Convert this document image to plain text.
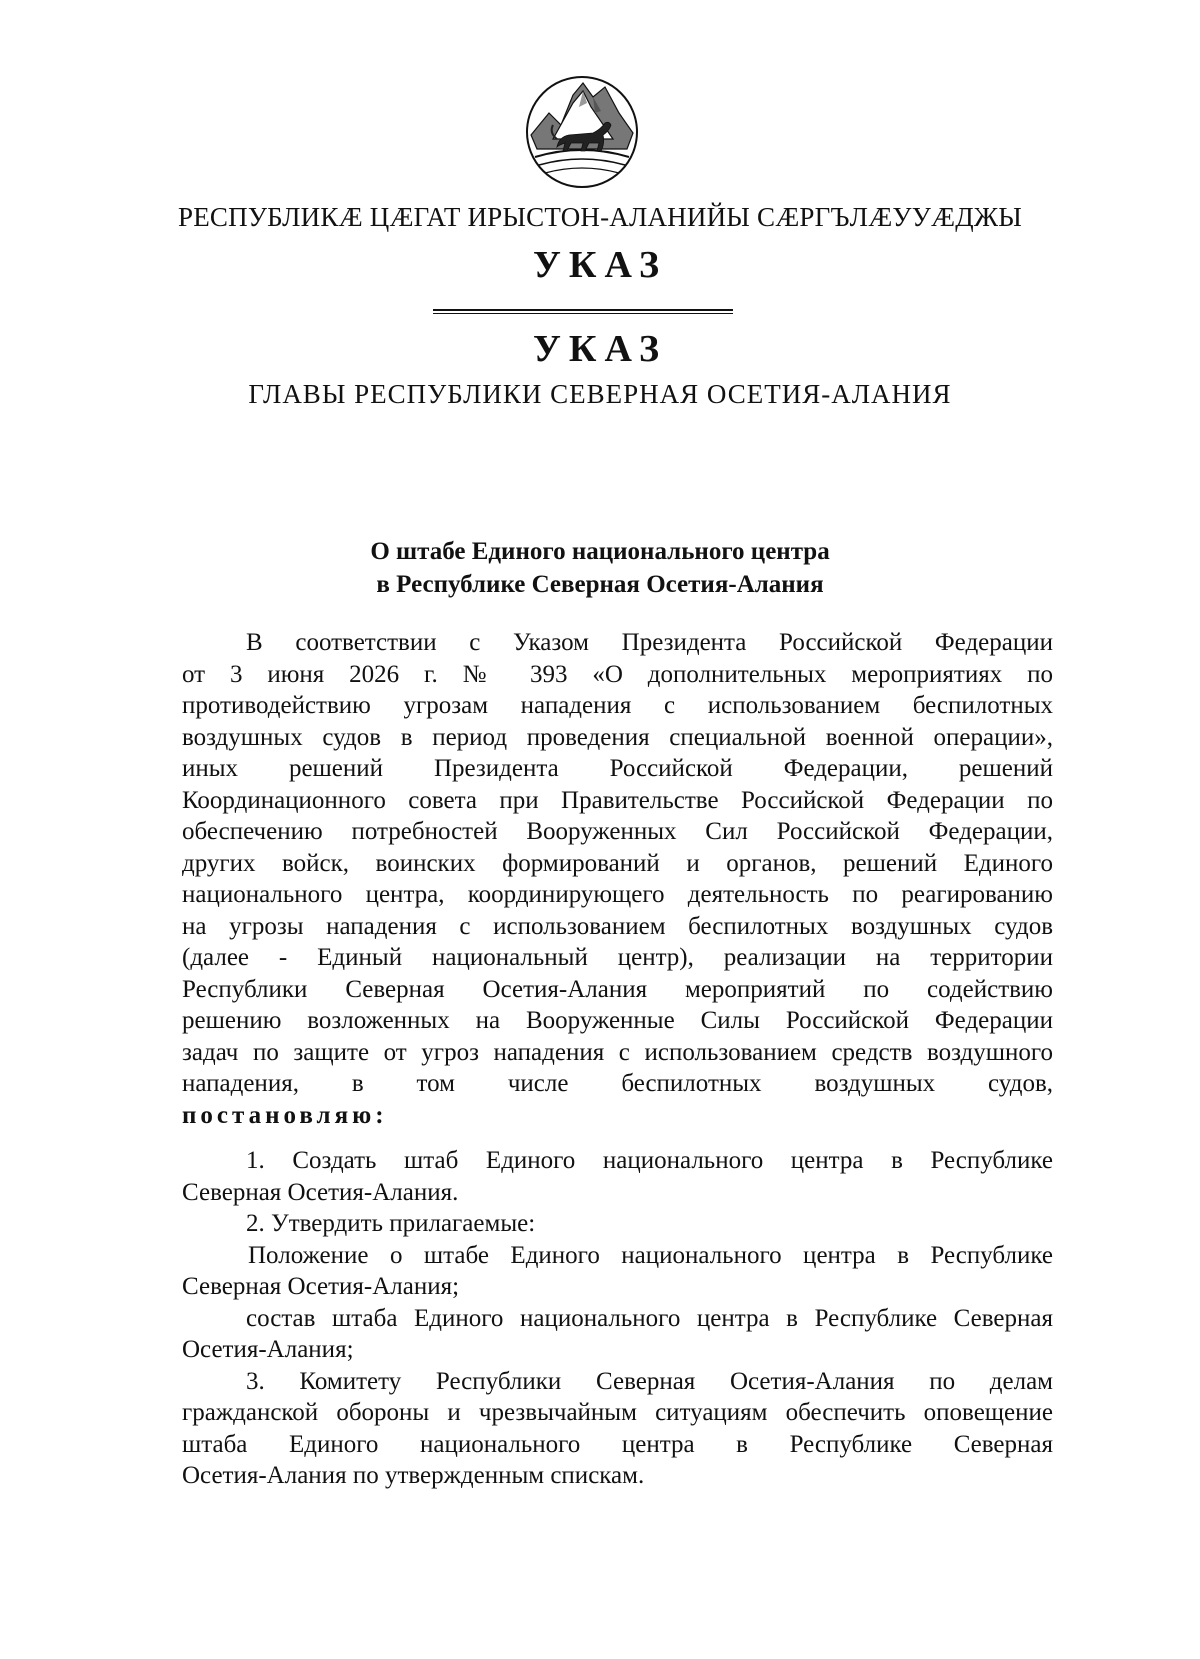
РЕСПУБЛИКӔ ЦӔГАТ ИРЫСТОН-АЛАНИЙЫ СӔРГЪЛӔУУӔДЖЫ
УКАЗ
УКАЗ
ГЛАВЫ РЕСПУБЛИКИ СЕВЕРНАЯ ОСЕТИЯ-АЛАНИЯ
О штабе Единого национального центра
в Республике Северная Осетия-Алания
В соответствии с Указом Президента Российской Федерации
от 3 июня 2026 г. № 393 «О дополнительных мероприятиях по
противодействию угрозам нападения с использованием беспилотных
воздушных судов в период проведения специальной военной операции»,
иных решений Президента Российской Федерации, решений
Координационного совета при Правительстве Российской Федерации по
обеспечению потребностей Вооруженных Сил Российской Федерации,
других войск, воинских формирований и органов, решений Единого
национального центра, координирующего деятельность по реагированию
на угрозы нападения с использованием беспилотных воздушных судов
(далее - Единый национальный центр), реализации на территории
Республики Северная Осетия-Алания мероприятий по содействию
решению возложенных на Вооруженные Силы Российской Федерации
задач по защите от угроз нападения с использованием средств воздушного
нападения, в том числе беспилотных воздушных судов,
постановляю:
1. Создать штаб Единого национального центра в Республике
Северная Осетия-Алания.
2. Утвердить прилагаемые:
Положение о штабе Единого национального центра в Республике
Северная Осетия-Алания;
состав штаба Единого национального центра в Республике Северная
Осетия-Алания;
3. Комитету Республики Северная Осетия-Алания по делам
гражданской обороны и чрезвычайным ситуациям обеспечить оповещение
штаба Единого национального центра в Республике Северная
Осетия-Алания по утвержденным спискам.
